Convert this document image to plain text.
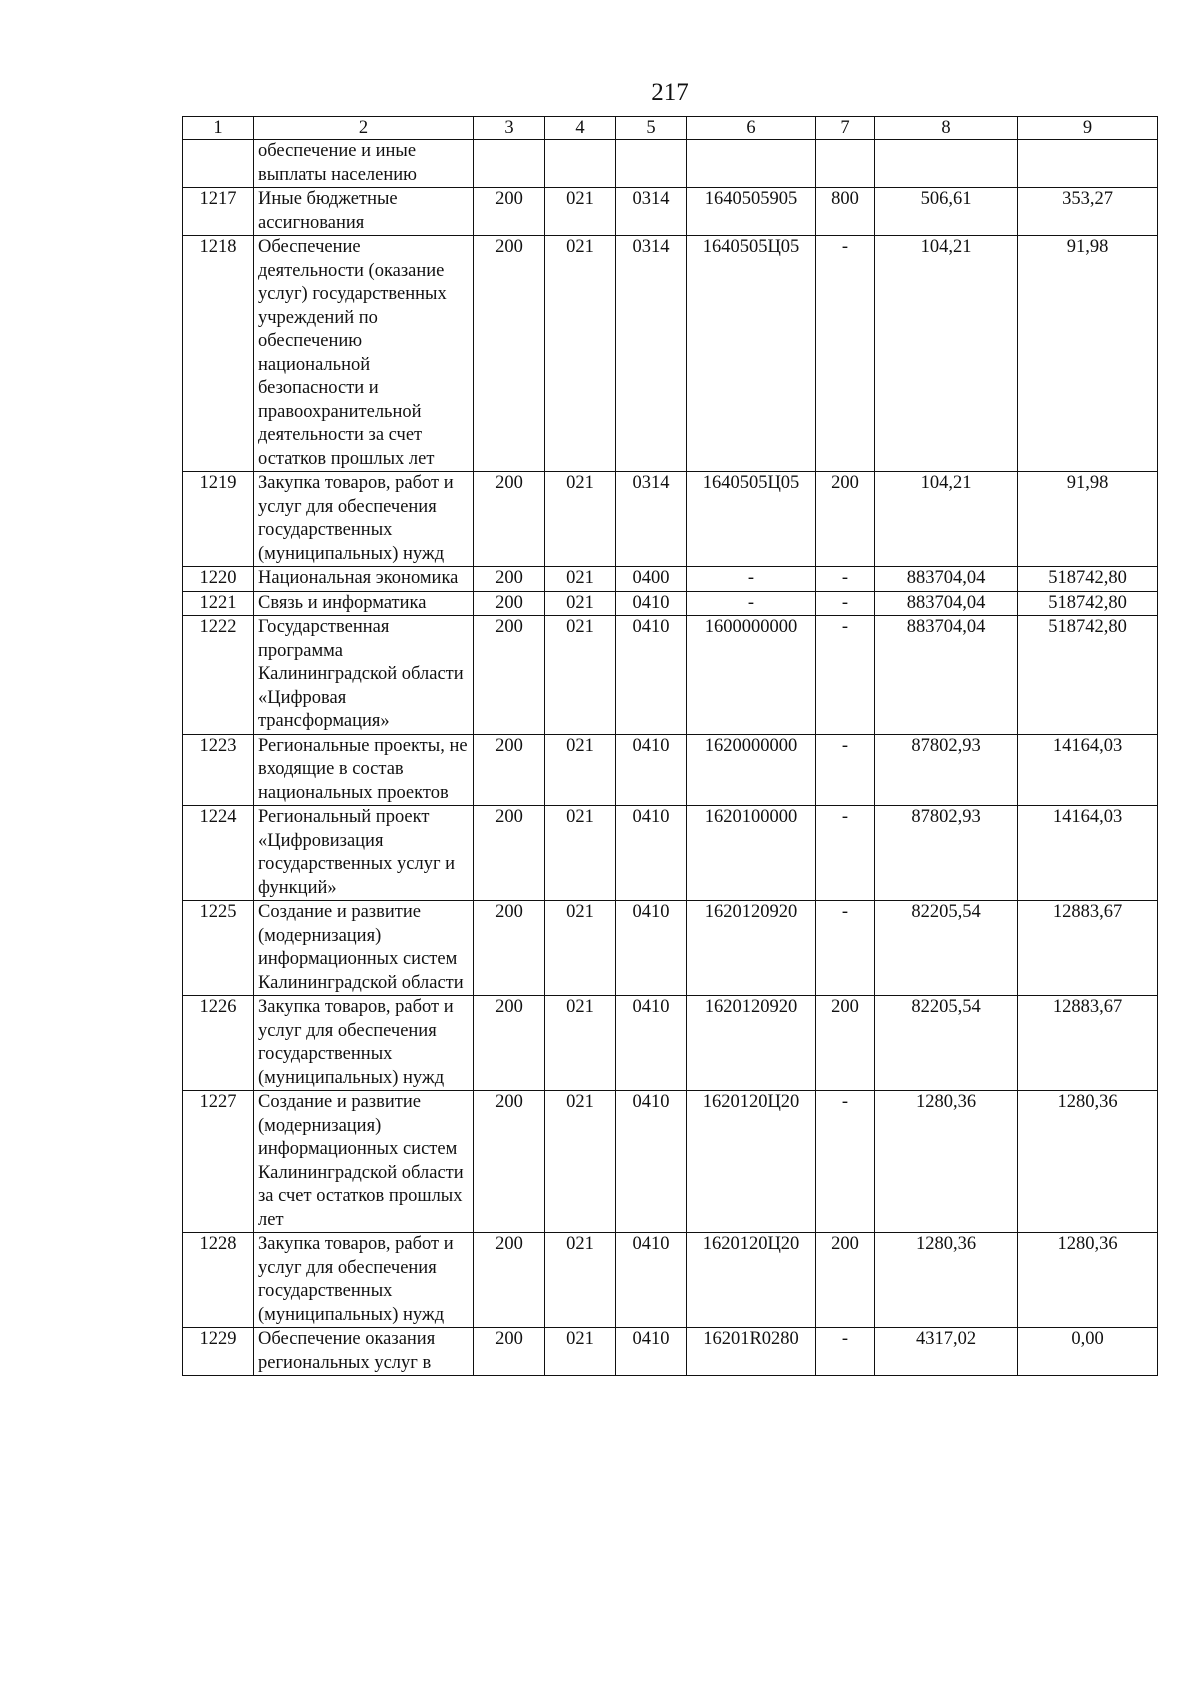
217
1	2	3	4	5	6	7	8	9
	обеспечение и иные выплаты населению							
1217	Иные бюджетные ассигнования	200	021	0314	1640505905	800	506,61	353,27
1218	Обеспечение деятельности (оказание услуг) государственных учреждений по обеспечению национальной безопасности и правоохранительной деятельности за счет остатков прошлых лет	200	021	0314	1640505Ц05	-	104,21	91,98
1219	Закупка товаров, работ и услуг для обеспечения государственных (муниципальных) нужд	200	021	0314	1640505Ц05	200	104,21	91,98
1220	Национальная экономика	200	021	0400	-	-	883704,04	518742,80
1221	Связь и информатика	200	021	0410	-	-	883704,04	518742,80
1222	Государственная программа Калининградской области «Цифровая трансформация»	200	021	0410	1600000000	-	883704,04	518742,80
1223	Региональные проекты, не входящие в состав национальных проектов	200	021	0410	1620000000	-	87802,93	14164,03
1224	Региональный проект «Цифровизация государственных услуг и функций»	200	021	0410	1620100000	-	87802,93	14164,03
1225	Создание и развитие (модернизация) информационных систем Калининградской области	200	021	0410	1620120920	-	82205,54	12883,67
1226	Закупка товаров, работ и услуг для обеспечения государственных (муниципальных) нужд	200	021	0410	1620120920	200	82205,54	12883,67
1227	Создание и развитие (модернизация) информационных систем Калининградской области за счет остатков прошлых лет	200	021	0410	1620120Ц20	-	1280,36	1280,36
1228	Закупка товаров, работ и услуг для обеспечения государственных (муниципальных) нужд	200	021	0410	1620120Ц20	200	1280,36	1280,36
1229	Обеспечение оказания региональных услуг в	200	021	0410	16201R0280	-	4317,02	0,00
